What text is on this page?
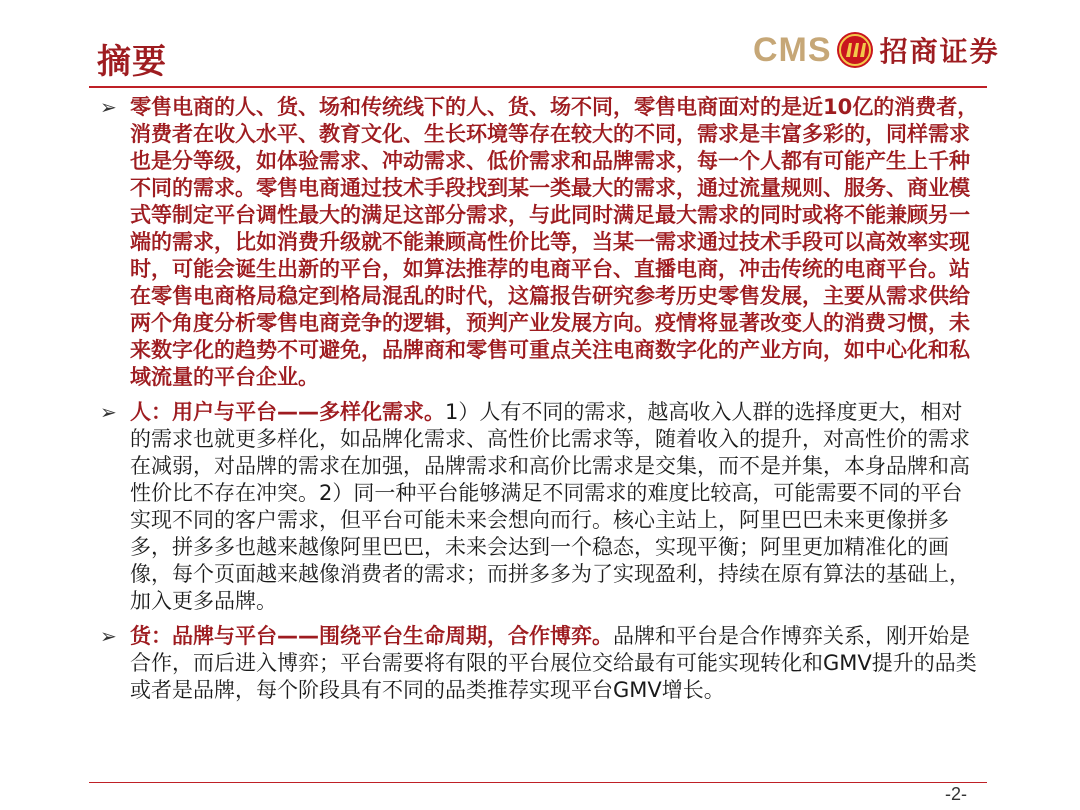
摘要	CMS 招商证券
➢ 零售电商的人、货、场和传统线下的人、货、场不同，零售电商面对的是近10亿的消费者，消费者在收入水平、教育文化、生长环境等存在较大的不同，需求是丰富多彩的，同样需求也是分等级，如体验需求、冲动需求、低价需求和品牌需求，每一个人都有可能产生上千种不同的需求。零售电商通过技术手段找到某一类最大的需求，通过流量规则、服务、商业模式等制定平台调性最大的满足这部分需求，与此同时满足最大需求的同时或将不能兼顾另一端的需求，比如消费升级就不能兼顾高性价比等，当某一需求通过技术手段可以高效率实现时，可能会诞生出新的平台，如算法推荐的电商平台、直播电商，冲击传统的电商平台。站在零售电商格局稳定到格局混乱的时代，这篇报告研究参考历史零售发展，主要从需求供给两个角度分析零售电商竞争的逻辑，预判产业发展方向。疫情将显著改变人的消费习惯，未来数字化的趋势不可避免，品牌商和零售可重点关注电商数字化的产业方向，如中心化和私域流量的平台企业。
➢ 人：用户与平台——多样化需求。1）人有不同的需求，越高收入人群的选择度更大，相对的需求也就更多样化，如品牌化需求、高性价比需求等，随着收入的提升，对高性价的需求在减弱，对品牌的需求在加强，品牌需求和高价比需求是交集，而不是并集，本身品牌和高性价比不存在冲突。2）同一种平台能够满足不同需求的难度比较高，可能需要不同的平台实现不同的客户需求，但平台可能未来会想向而行。核心主站上，阿里巴巴未来更像拼多多，拼多多也越来越像阿里巴巴，未来会达到一个稳态，实现平衡；阿里更加精准化的画像，每个页面越来越像消费者的需求；而拼多多为了实现盈利，持续在原有算法的基础上，加入更多品牌。
➢ 货：品牌与平台——围绕平台生命周期，合作博弈。品牌和平台是合作博弈关系，刚开始是合作，而后进入博弈；平台需要将有限的平台展位交给最有可能实现转化和GMV提升的品类或者是品牌，每个阶段具有不同的品类推荐实现平台GMV增长。
-2-
